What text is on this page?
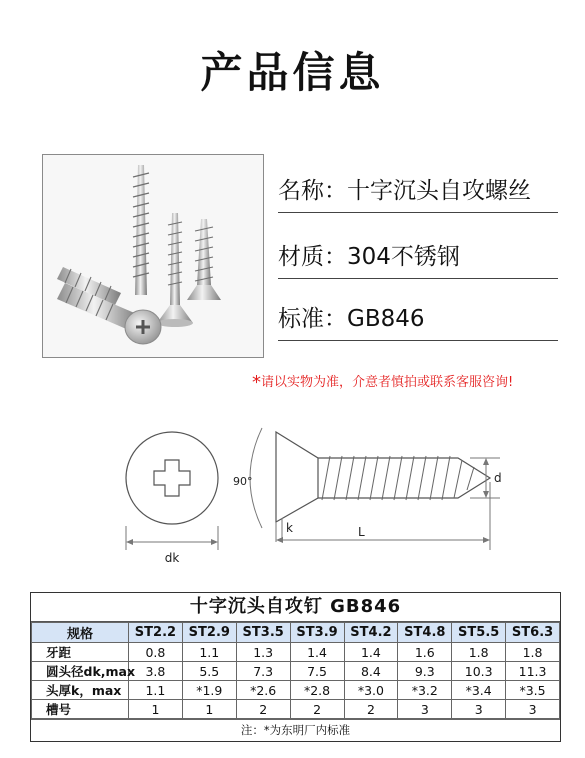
产品信息
名称：十字沉头自攻螺丝
材质：304不锈钢
标准：GB846
*请以实物为准，介意者慎拍或联系客服咨询!
dk
90°	d
k	L
十字沉头自攻钉 GB846
规格	ST2.2	ST2.9	ST3.5	ST3.9	ST4.2	ST4.8	ST5.5	ST6.3
牙距	0.8	1.1	1.3	1.4	1.4	1.6	1.8	1.8
圆头径dk,max	3.8	5.5	7.3	7.5	8.4	9.3	10.3	11.3
头厚k，max	1.1	*1.9	*2.6	*2.8	*3.0	*3.2	*3.4	*3.5
槽号	1	1	2	2	2	3	3	3
注：*为东明厂内标准
